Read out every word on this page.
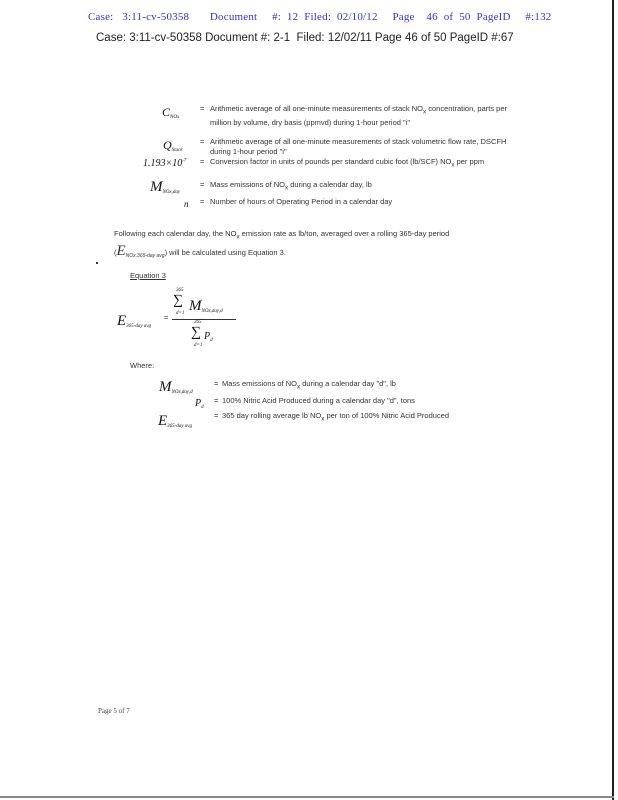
Case:   3:11-cv-50358       Document     #:  12  Filed:  02/10/12     Page    46  of  50  PageID     #:132
Case: 3:11-cv-50358 Document #: 2-1  Filed: 12/02/11 Page 46 of 50 PageID #:67
$C_{NOx}$
= Arithmetic average of all one-minute measurements of stack $NO_x$ concentration, parts per million by volume, dry basis (ppmvd) during 1-hour period "i"
$Q_{Stack}$
= Arithmetic average of all one-minute measurements of stack volumetric flow rate, DSCFH during 1-hour period "i"
$1.193\times 10^{-7}$ = Conversion factor in units of pounds per standard cubic foot (lb/SCF) $NO_x$ per ppm
$M_{NOx,day}$
= Mass emissions of $NO_x$ during a calendar day, lb
n = Number of hours of Operating Period in a calendar day
Following each calendar day, the $NO_x$ emission rate as lb/ton, averaged over a rolling 365-day period
$(E_{NOx,365-day avg})$ will be calculated using Equation 3.
Equation 3
$E_{365-day avg}$
=
365
∑
d=1 $M_{NOx,day,d}$
365
∑
d=1
$P_d$
Where:
$M_{NOx,day,d}$
= Mass emissions of $NO_x$ during a calendar day "d", lb
$P_d$
= 100% Nitric Acid Produced during a calendar day "d", tons
$E_{365-day avg}$
= 365 day rolling average lb $NO_x$ per ton of 100% Nitric Acid Produced
Page 5 of 7
